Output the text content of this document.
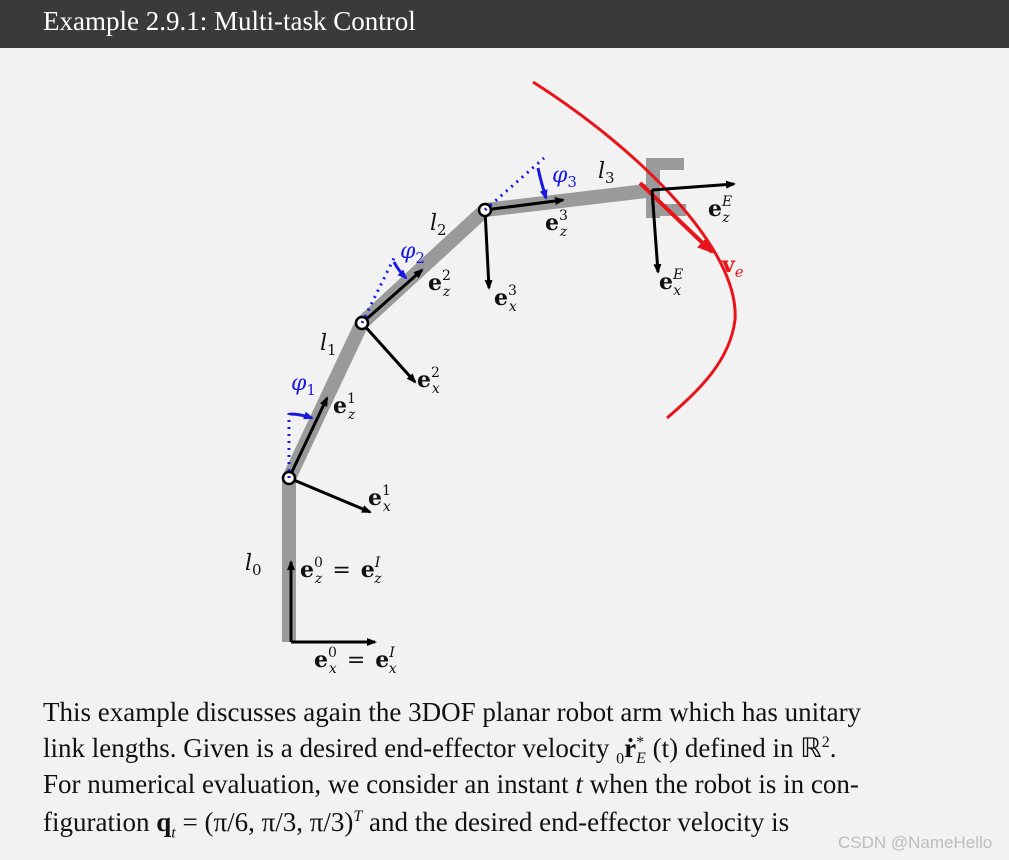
Example 2.9.1: Multi-task Control
$l_0$
$l_1$
$l_2$
$l_3$
$\varphi_1$
$\varphi_2$
$\varphi_3$
$e^1$ z
$e^1$ x
$e^2$ z
$e^2$ x
$e^3$ z
$e^3$ x
$e^E$ z
$e^E$ x
$e^0$ $z = e^I$ z
$e^0$ $x = e^I$ x
$v_e$
This example discusses again the 3DOF planar robot arm which has unitary
link lengths. Given is a desired end-effector velocity $_0$ṙ*$_E$ (t) defined in ℝ$^2$.
For numerical evaluation, we consider an instant t when the robot is in con-
figuration $q_t = (\pi/6$, π/3, π/3)$^T$ and the desired end-effector velocity is
CSDN @NameHello
